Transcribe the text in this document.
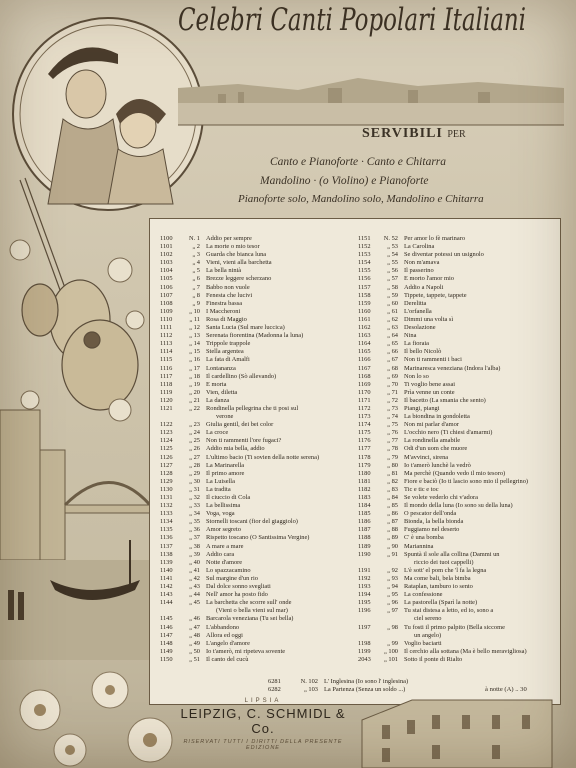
Celebri Canti Popolari Italiani
SERVIBILI PER
Canto e Pianoforte · Canto e Chitarra
Mandolino · (o Violino) e Pianoforte
Pianoforte solo, Mandolino solo, Mandolino e Chitarra
1100	N. 1 Addio per sempre
1101	„ 2 La morte o mio tesor
1102	„ 3 Guarda che bianca luna
1103	„ 4 Vieni, vieni alla barchetta
1104	„ 5 La bella ninià
1105	„ 6 Brezze leggere scherzano
1106	„ 7 Babbo non vuole
1107	„ 8 Fenesta che lucivi
1108	„ 9 Finestra bassa
1109	„ 10 I Maccheroni
1110	„ 11 Rosa di Maggio
1111	„ 12 Santa Lucia (Sul mare luccica)
1112	„ 13 Serenata fiorentina (Madonna la luna)
1113	„ 14 Trippole trappole
1114	„ 15 Stella argentea
1115	„ 16 La fata di Amalfi
1116	„ 17 Lontananza
1117	„ 18 Il cardellino (Sò allevando)
1118	„ 19 E morta
1119	„ 20 Vien, diletta
1120	„ 21 La danza
1121	„ 22 Rondinella pellegrina che ti posi sul
verone
1122	„ 23 Giulia gentil, dei bei color
1123	„ 24 La croce
1124	„ 25 Non ti rammenti l'ore fugaci?
1125	„ 26 Addio mia bella, addio
1126	„ 27 L'ultimo bacio (Ti sovien della notte serena)
1127	„ 28 La Marinarella
1128	„ 29 Il primo amore
1129	„ 30 La Luisella
1130	„ 31 La tradita
1131	„ 32 Il ciuccio di Cola
1132	„ 33 La bellissima
1133	„ 34 Voga, voga
1134	„ 35 Stornelli toscani (fior del giaggiolo)
1135	„ 36 Amor segreto
1136	„ 37 Rispetto toscano (O Santissima Vergine)
1137	„ 38 A mare a mare
1138	„ 39 Addio cara
1139	„ 40 Notte d'amore
1140	„ 41 Lo spazzacamino
1141	„ 42 Sul margine d'un rio
1142	„ 43 Dal dolce sonno svegliati
1143	„ 44 Nell' amor ha posto fido
1144	„ 45 La barchetta che scorre sull' onde
(Vieni o bella vieni sul mar)
1145	„ 46 Barcarola veneziana (Tu sei bella)
1146	„ 47 L'abbandono
1147	„ 48 Allora ed oggi
1148	„ 49 L'angelo d'amore
1149	„ 50 Io t'amerò, mi ripeteva sovente
1150	„ 51 Il canto del cucù
1151	N. 52 Per amor lo fè marinaro
1152	„ 53 La Carolina
1153	„ 54 Se diventar potessi un usignolo
1154	„ 55 Non m'amava
1155	„ 56 Il passerino
1156	„ 57 E morto l'amor mio
1157	„ 58 Addio a Napoli
1158	„ 59 Tippete, tappete, tappete
1159	„ 60 Derelitta
1160	„ 61 L'orfanella
1161	„ 62 Dimmi una volta sì
1162	„ 63 Desolazione
1163	„ 64 Nina
1164	„ 65 La fioraia
1165	„ 66 Il bello Nicolò
1166	„ 67 Non ti rammenti i baci
1167	„ 68 Marinaresca veneziana (Indora l'alba)
1168	„ 69 Non lo so
1169	„ 70 Ti voglio bene assai
1170	„ 71 Prìa venne un conte
1171	„ 72 Il bacetto (La smania che sento)
1172	„ 73 Piangi, piangi
1173	„ 74 La biondina in gondoletta
1174	„ 75 Non mi parlar d'amor
1175	„ 76 L'occhio nero (Ti chiesi d'amarmi)
1176	„ 77 La rondinella amabile
1177	„ 78 Odi d'un uom che muore
1178	„ 79 M'avvinci, sirena
1179	„ 80 Io t'amerò lunchè la vedrò
1180	„ 81 Ma perchè (Quando vedo il mio tesoro)
1181	„ 82 Fiore e baciò (Io ti lascio sono mio il pellegrino)
1182	„ 83 Tic e tic e toc
1183	„ 84 Se volete vederlo chi v'adora
1184	„ 85 Il mondo della luna (Io sono su della luna)
1185	„ 86 O pescator dell'onda
1186	„ 87 Bionda, la bella bionda
1187	„ 88 Fuggiamo nel deserto
1188	„ 89 C' è una bomba
1189	„ 90 Mariannina
1190	„ 91 Spuntà il sole alla collina (Dammi un
riccio dei tuoi cappelli)
1191	„ 92 L'è sott' el pom che 'l fa la legna
1192	„ 93 Ma come bali, bela bimba
1193	„ 94 Rataplan, tamburo io sento
1194	„ 95 La confessione
1195	„ 96 La pastorella (Sparì la notte)
1196	„ 97 Tu stai distesa a letto, ed io, sono a
ciel sereno
1197	„ 98 Tu fosti il primo palpito (Bella siccome
un angelo)
1198	„ 99 Voglio baciarti
1199	„ 100 Il cerchio alla sottana (Ma è bello meravigliosa)
2043	„ 101 Sotto il ponte di Rialto
6281	N. 102 L' Inglesina (Io sono l' inglesina)
6282	„ 103 La Partenza (Senza un soldo ...)	à notte (A) .. 30
LIPSIA
LEIPZIG, C. SCHMIDL & Co.
RISERVATI TUTTI I DIRITTI DELLA PRESENTE EDIZIONE
